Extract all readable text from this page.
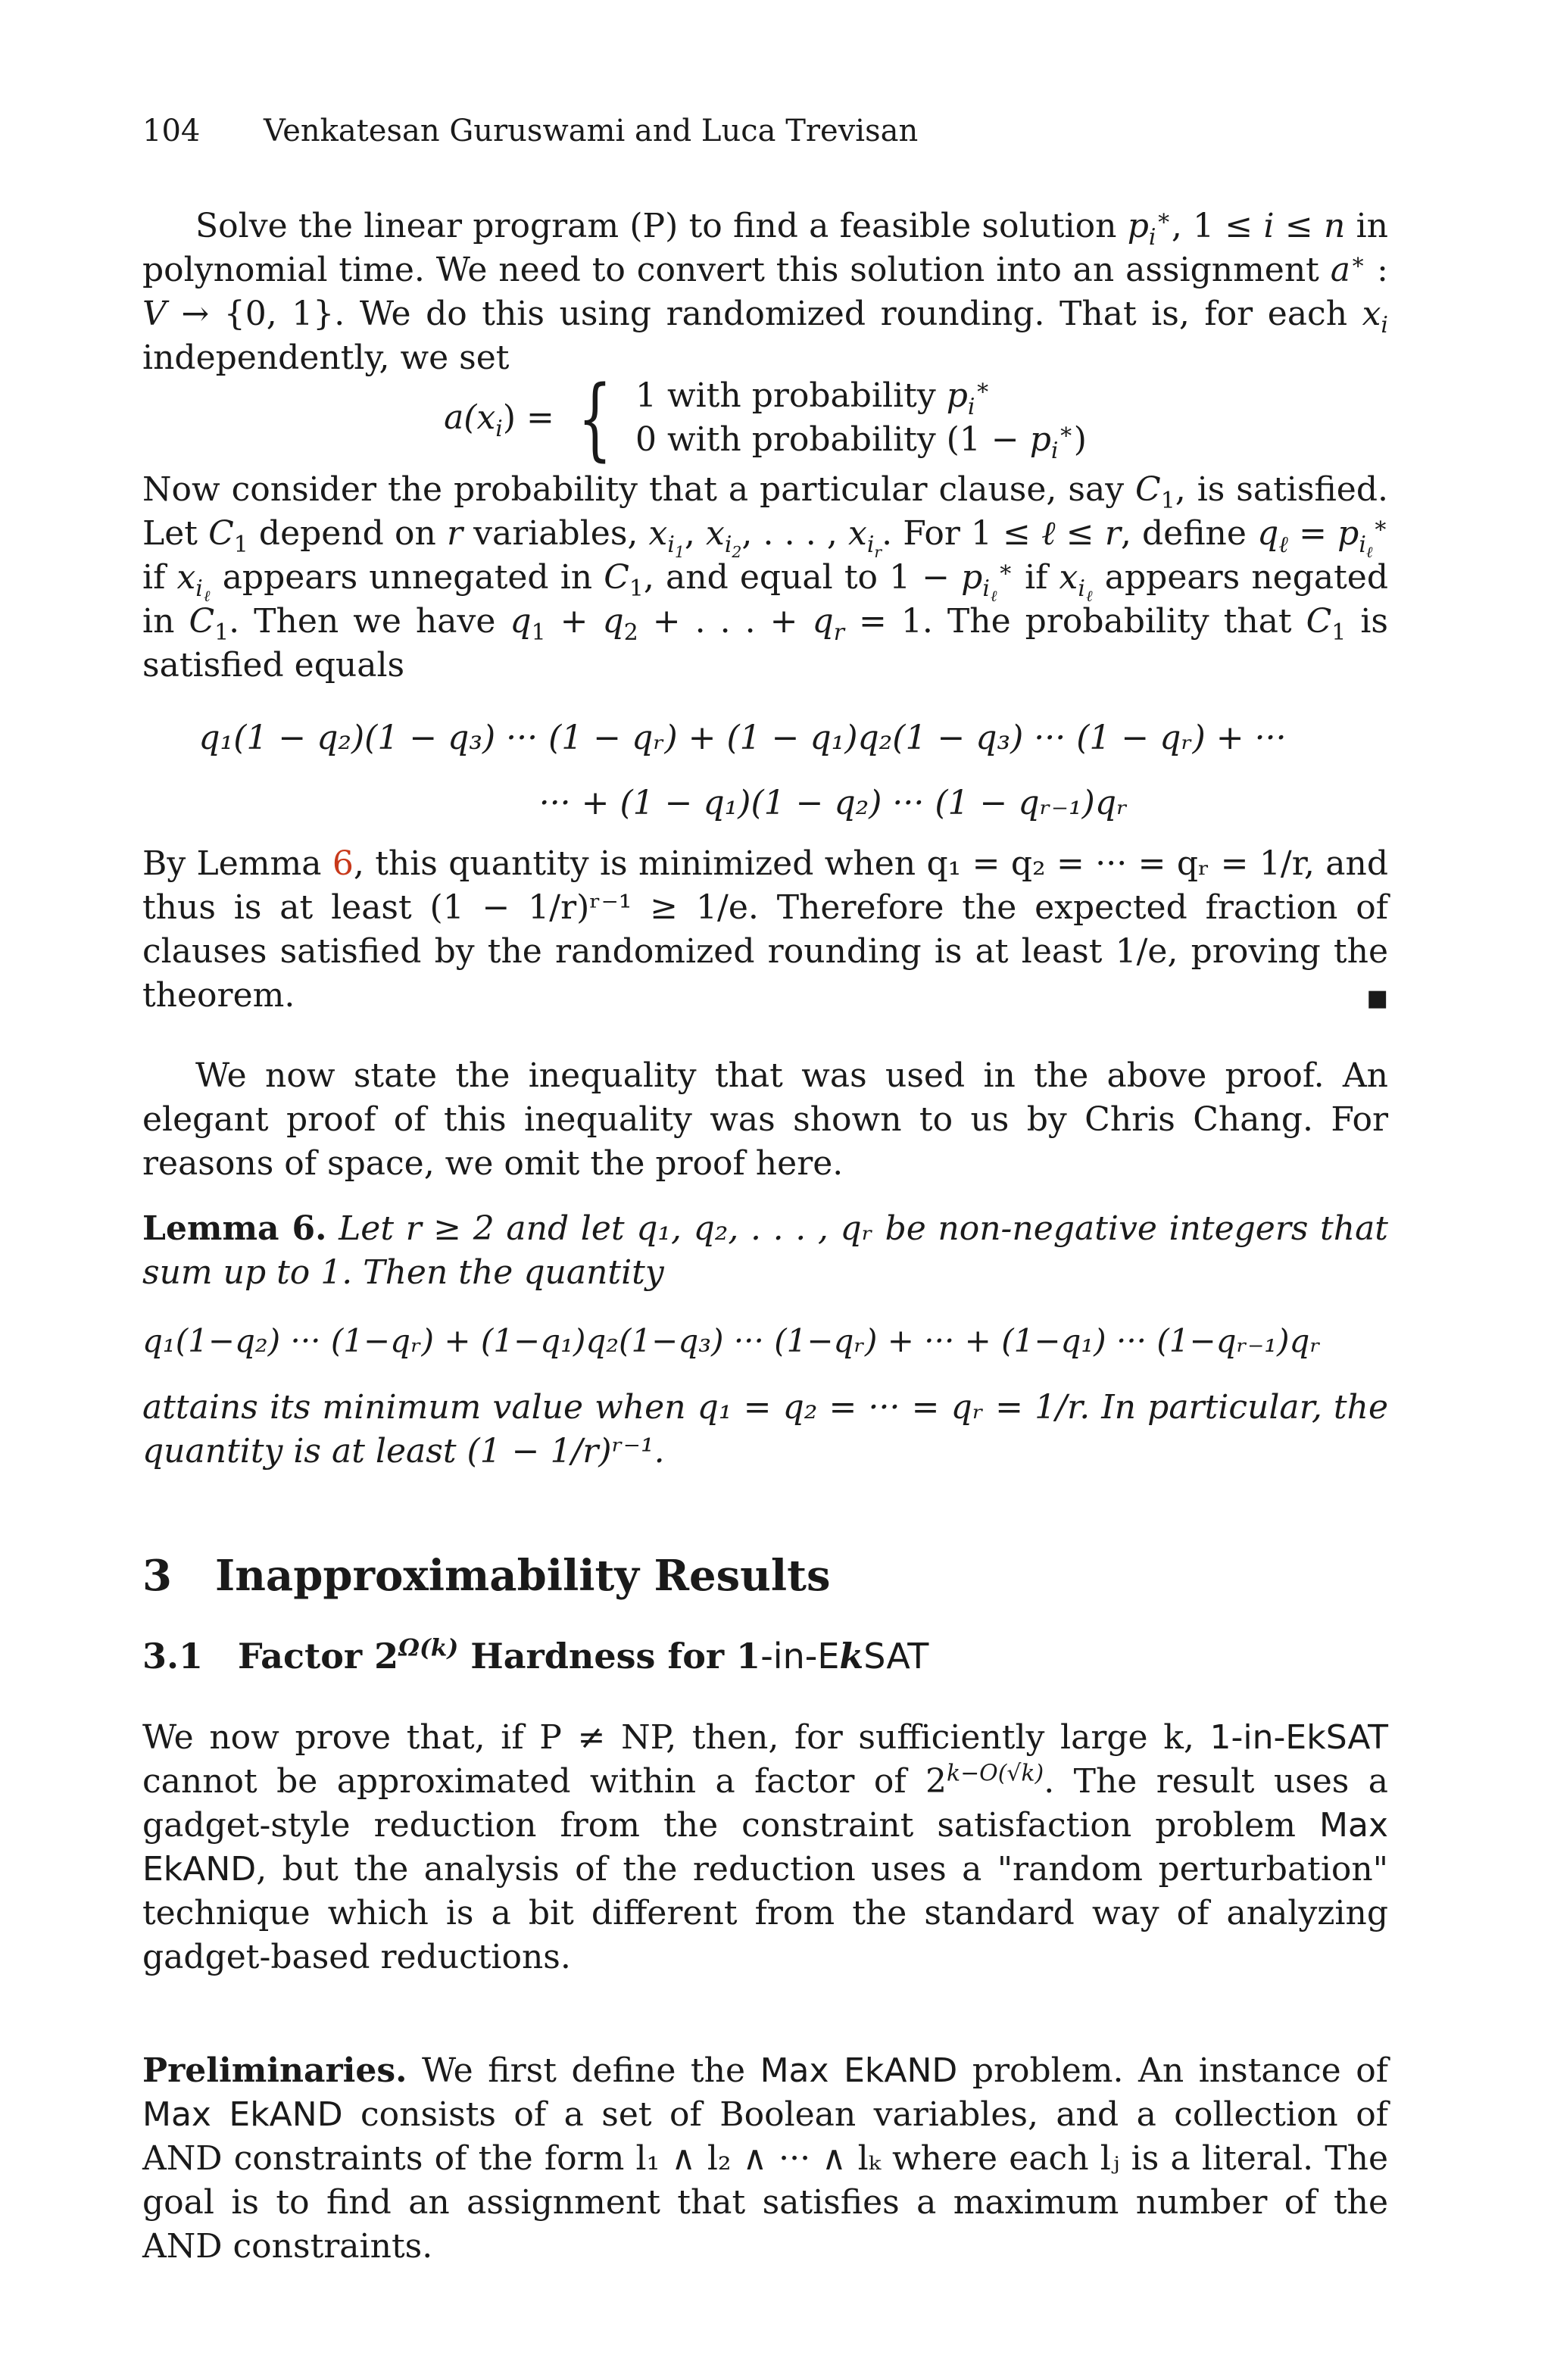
104 Venkatesan Guruswami and Luca Trevisan

Solve the linear program (P) to find a feasible solution $p_i^∗$, 1 ≤ i ≤ n in polynomial time. We need to convert this solution into an assignment a∗ : V → {0, 1}. We do this using randomized rounding. That is, for each $x_i$ independently, we set

$a(x_i)$ = { 1 with probability $p_i^∗$
0 with probability $(1 - p_i^∗)$

Now consider the probability that a particular clause, say $C_1$, is satisfied. Let $C_1$ depend on r variables, $x_{i_1}$, $x_{i_2}$, . . . , $x_{i_r}$. For 1 ≤ ℓ ≤ r, define $q_\ell = p_{i_\ell}^∗$ if $x_{i_\ell}$ appears unnegated in $C_1$, and equal to $1 - p_{i_\ell}^∗$ if $x_{i_\ell}$ appears negated in $C_1$. Then we have $q_1 + q_2$ + . . . + $q_r = 1$. The probability that $C_1$ is satisfied equals

q₁(1 − q₂)(1 − q₃) ··· (1 − qᵣ) + (1 − q₁)q₂(1 − q₃) ··· (1 − qᵣ) + ···
··· + (1 − q₁)(1 − q₂) ··· (1 − qᵣ₋₁)qᵣ

By Lemma 6, this quantity is minimized when q₁ = q₂ = ··· = qᵣ = 1/r, and thus is at least (1 − 1/r)ʳ⁻¹ ≥ 1/e. Therefore the expected fraction of clauses satisfied by the randomized rounding is at least 1/e, proving the theorem.	■

We now state the inequality that was used in the above proof. An elegant proof of this inequality was shown to us by Chris Chang. For reasons of space, we omit the proof here.

Lemma 6. Let r ≥ 2 and let q₁, q₂, . . . , qᵣ be non-negative integers that sum up to 1. Then the quantity

q₁(1−q₂) ··· (1−qᵣ) + (1−q₁)q₂(1−q₃) ··· (1−qᵣ) + ··· + (1−q₁) ··· (1−qᵣ₋₁)qᵣ

attains its minimum value when q₁ = q₂ = ··· = qᵣ = 1/r. In particular, the quantity is at least (1 − 1/r)ʳ⁻¹.

3 Inapproximability Results
3.1 Factor $2^{\Omega(k)}$ Hardness for 1-in-EkSAT

We now prove that, if P ≠ NP, then, for sufficiently large k, 1-in-EkSAT cannot be approximated within a factor of $2^{k-O(√k)}$. The result uses a gadget-style reduction from the constraint satisfaction problem Max EkAND, but the analysis of the reduction uses a "random perturbation" technique which is a bit different from the standard way of analyzing gadget-based reductions.

Preliminaries. We first define the Max EkAND problem. An instance of Max EkAND consists of a set of Boolean variables, and a collection of AND constraints of the form l₁ ∧ l₂ ∧ ··· ∧ lₖ where each lⱼ is a literal. The goal is to find an assignment that satisfies a maximum number of the AND constraints.
